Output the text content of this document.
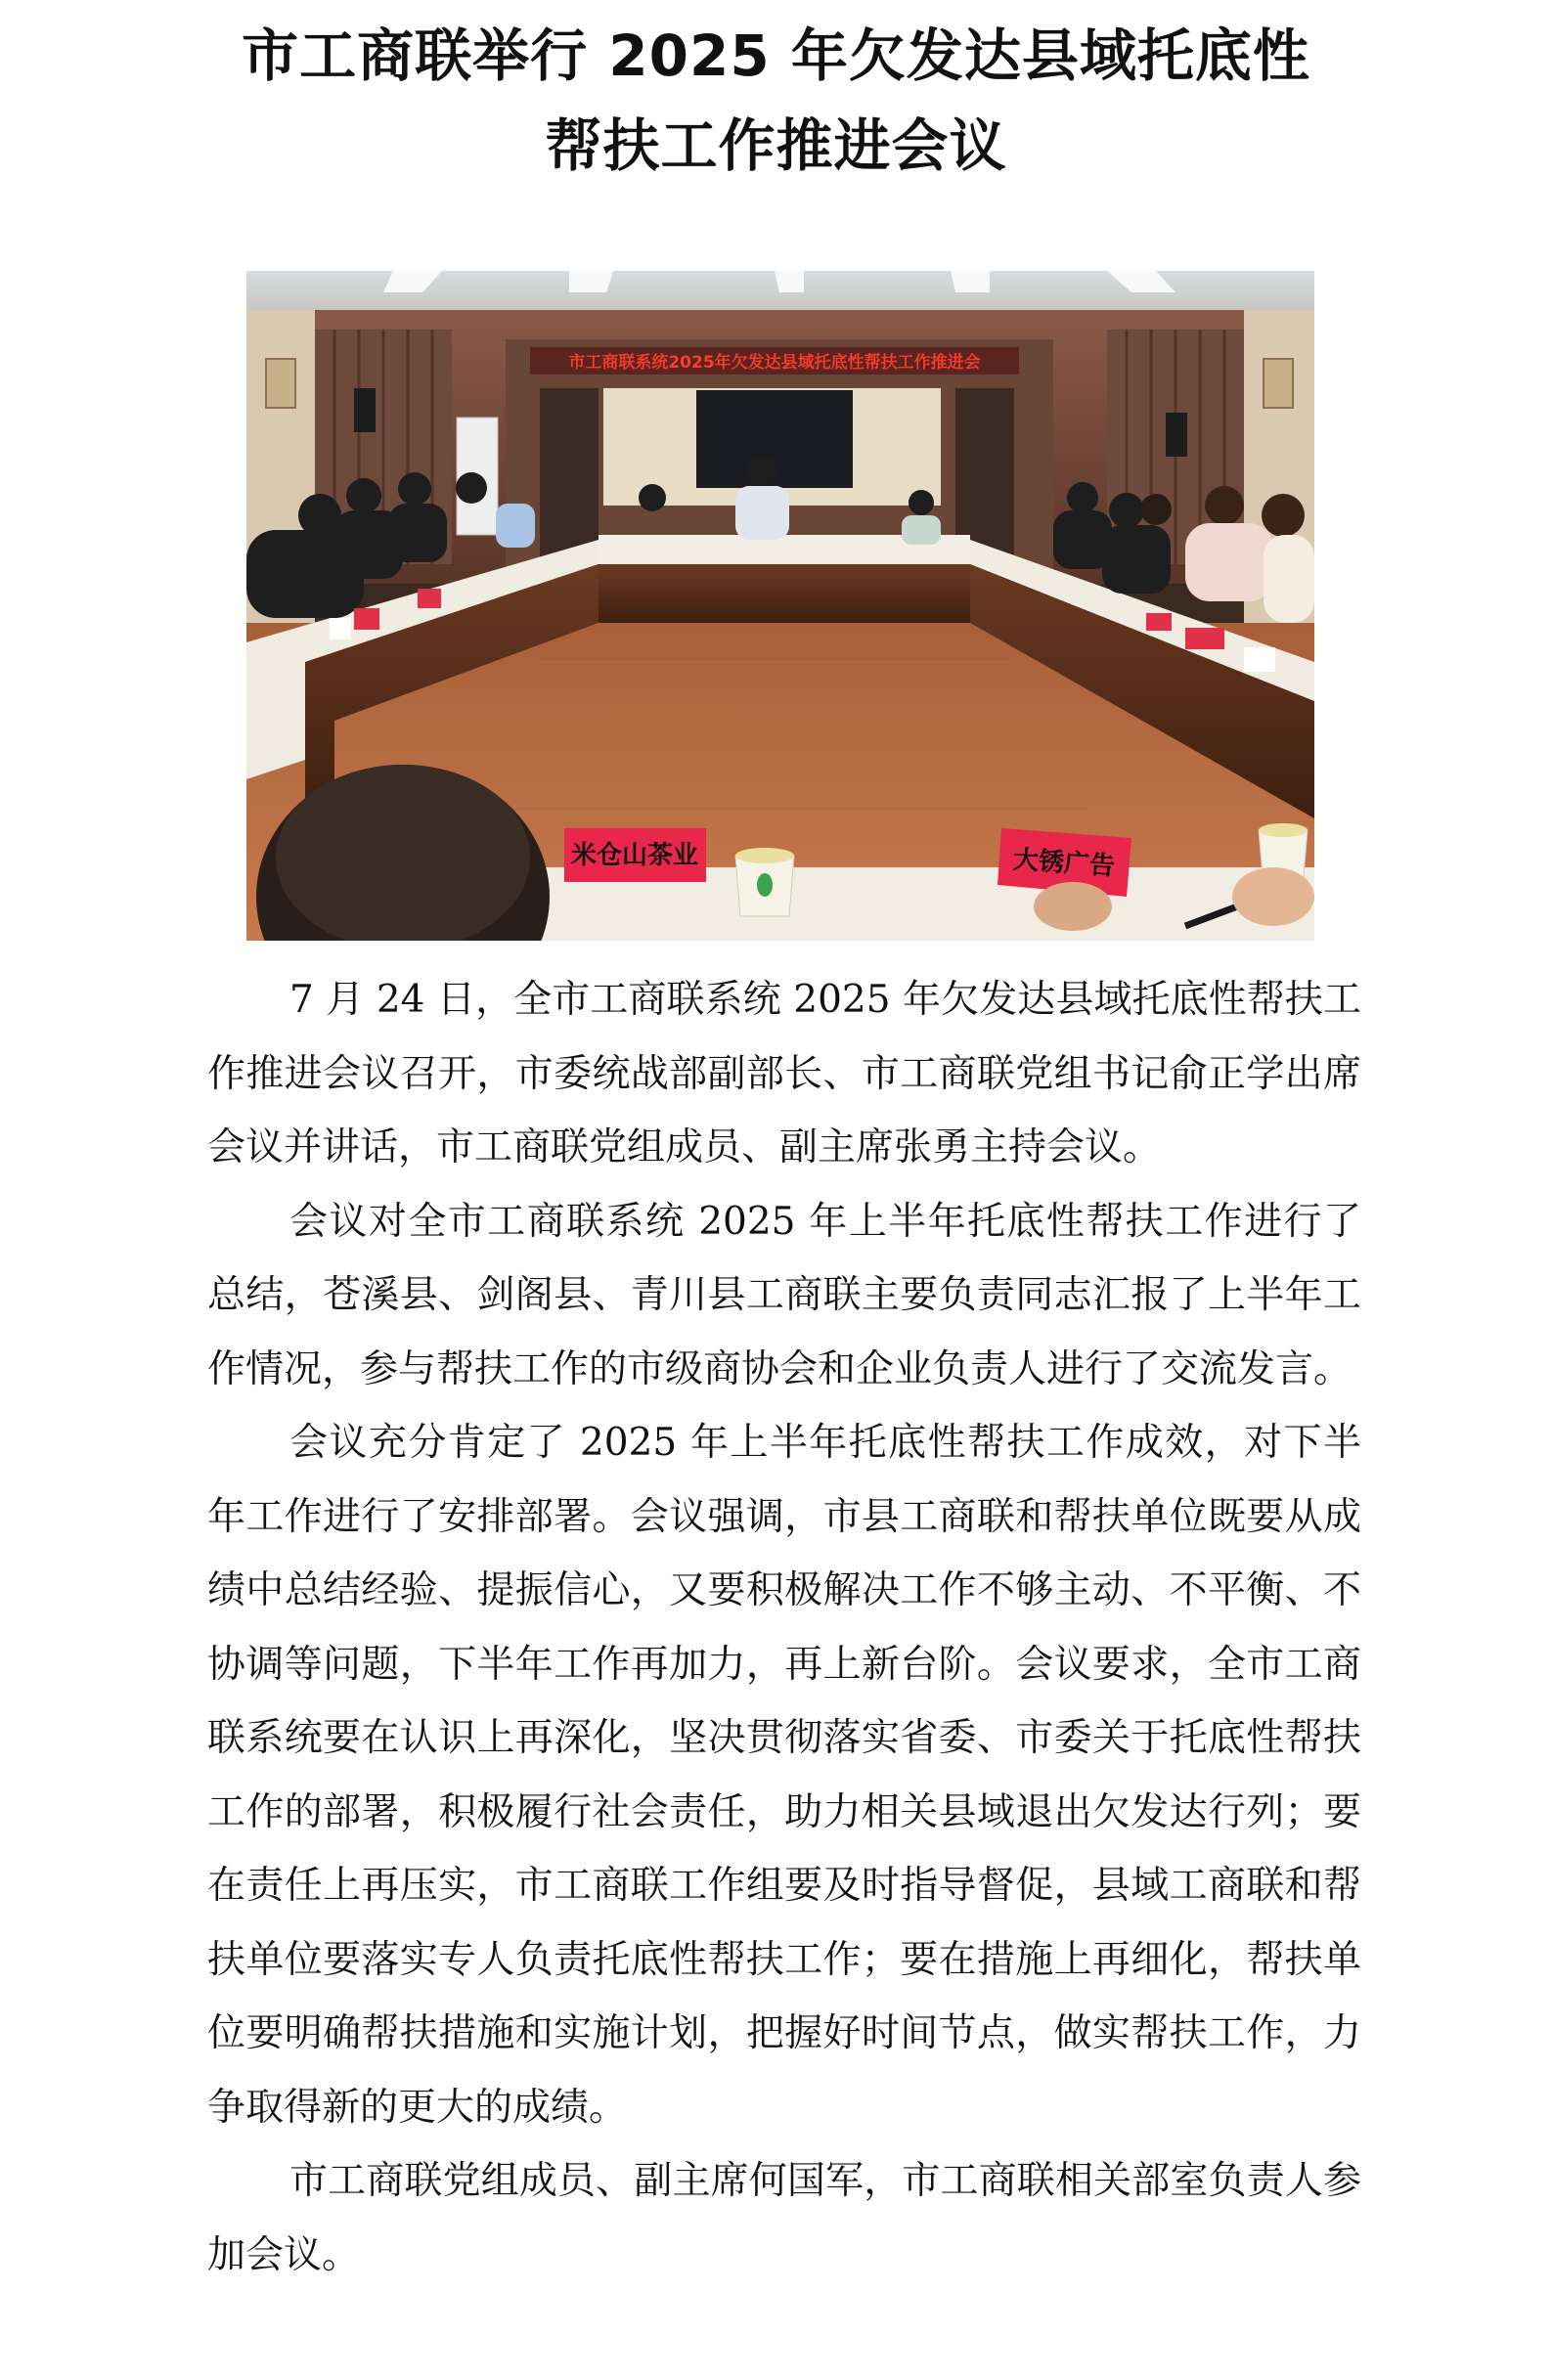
市工商联举行 2025 年欠发达县域托底性
帮扶工作推进会议
市工商联系统2025年欠发达县域托底性帮扶工作推进会
米仓山茶业	大锈广告

7 月 24 日，全市工商联系统 2025 年欠发达县域托底性帮扶工作推进会议召开，市委统战部副部长、市工商联党组书记俞正学出席会议并讲话，市工商联党组成员、副主席张勇主持会议。

会议对全市工商联系统 2025 年上半年托底性帮扶工作进行了总结，苍溪县、剑阁县、青川县工商联主要负责同志汇报了上半年工作情况，参与帮扶工作的市级商协会和企业负责人进行了交流发言。

会议充分肯定了 2025 年上半年托底性帮扶工作成效，对下半年工作进行了安排部署。会议强调，市县工商联和帮扶单位既要从成绩中总结经验、提振信心，又要积极解决工作不够主动、不平衡、不协调等问题，下半年工作再加力，再上新台阶。会议要求，全市工商联系统要在认识上再深化，坚决贯彻落实省委、市委关于托底性帮扶工作的部署，积极履行社会责任，助力相关县域退出欠发达行列；要在责任上再压实，市工商联工作组要及时指导督促，县域工商联和帮扶单位要落实专人负责托底性帮扶工作；要在措施上再细化，帮扶单位要明确帮扶措施和实施计划，把握好时间节点，做实帮扶工作，力争取得新的更大的成绩。

市工商联党组成员、副主席何国军，市工商联相关部室负责人参加会议。
